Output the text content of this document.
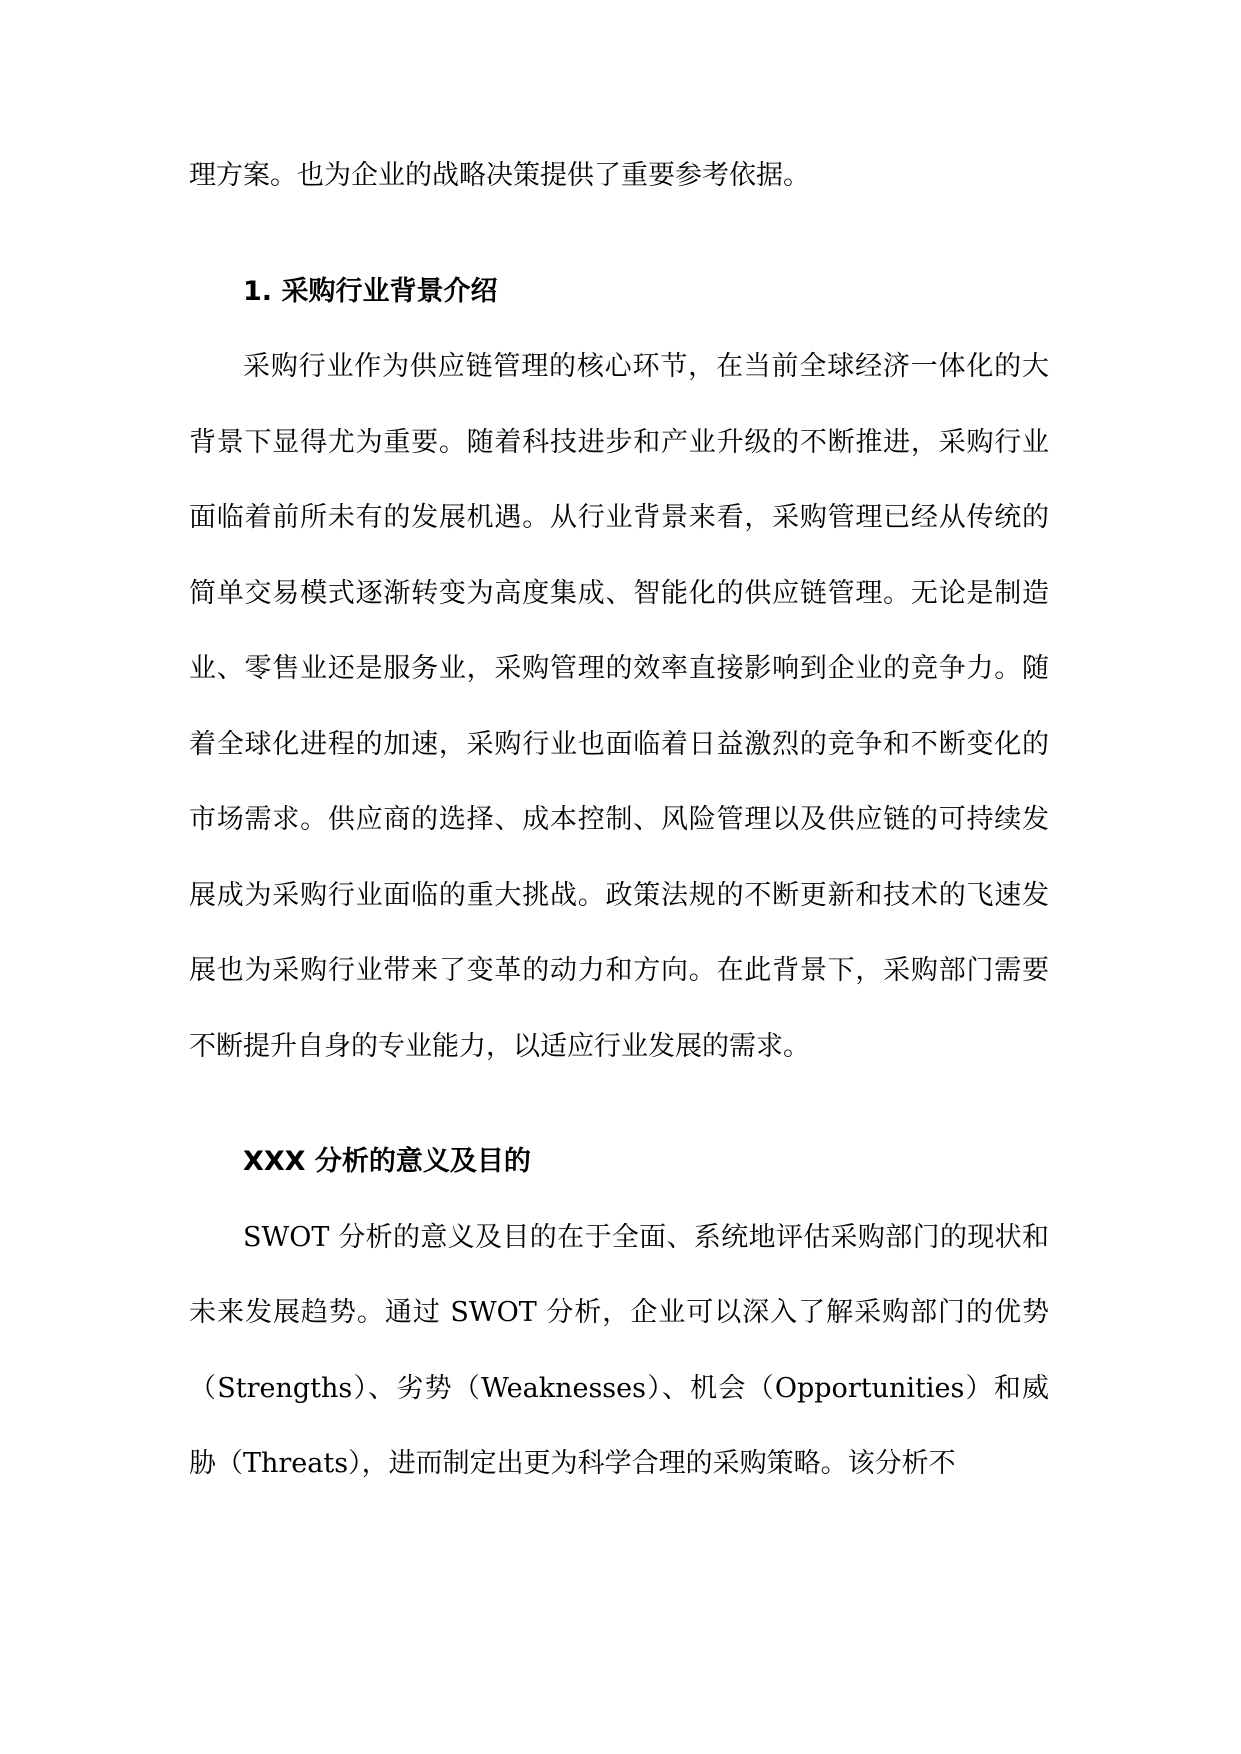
理方案。也为企业的战略决策提供了重要参考依据。

1. 采购行业背景介绍

采购行业作为供应链管理的核心环节，在当前全球经济一体化的大背景下显得尤为重要。随着科技进步和产业升级的不断推进，采购行业面临着前所未有的发展机遇。从行业背景来看，采购管理已经从传统的简单交易模式逐渐转变为高度集成、智能化的供应链管理。无论是制造业、零售业还是服务业，采购管理的效率直接影响到企业的竞争力。随着全球化进程的加速，采购行业也面临着日益激烈的竞争和不断变化的市场需求。供应商的选择、成本控制、风险管理以及供应链的可持续发展成为采购行业面临的重大挑战。政策法规的不断更新和技术的飞速发展也为采购行业带来了变革的动力和方向。在此背景下，采购部门需要不断提升自身的专业能力，以适应行业发展的需求。

XXX 分析的意义及目的

SWOT 分析的意义及目的在于全面、系统地评估采购部门的现状和未来发展趋势。通过 SWOT 分析，企业可以深入了解采购部门的优势（Strengths）、劣势（Weaknesses）、机会（Opportunities）和威胁（Threats），进而制定出更为科学合理的采购策略。该分析不
